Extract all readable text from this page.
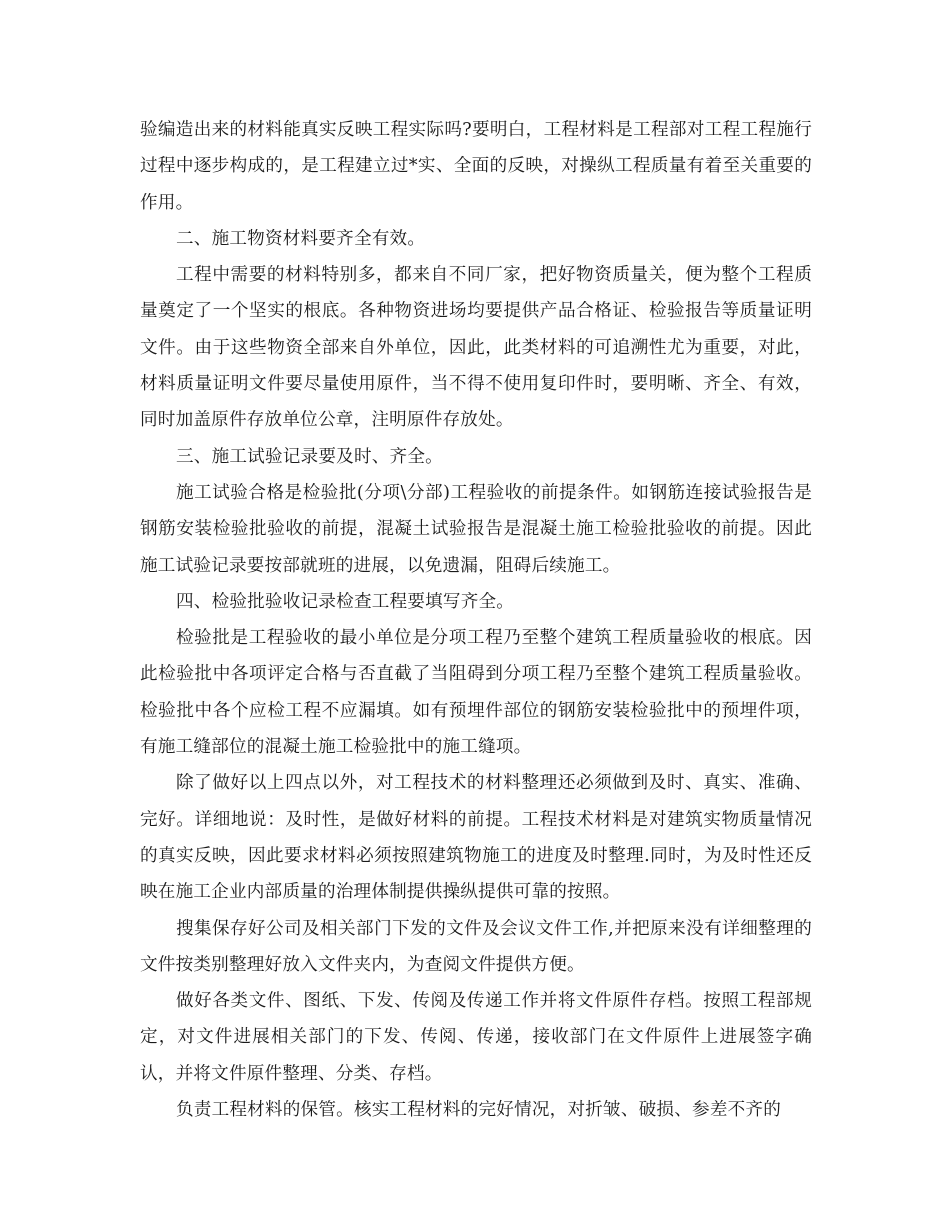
验编造出来的材料能真实反映工程实际吗?要明白，工程材料是工程部对工程工程施行过程中逐步构成的，是工程建立过*实、全面的反映，对操纵工程质量有着至关重要的作用。

二、施工物资材料要齐全有效。

工程中需要的材料特别多，都来自不同厂家，把好物资质量关，便为整个工程质量奠定了一个坚实的根底。各种物资进场均要提供产品合格证、检验报告等质量证明文件。由于这些物资全部来自外单位，因此，此类材料的可追溯性尤为重要，对此，材料质量证明文件要尽量使用原件，当不得不使用复印件时，要明晰、齐全、有效，同时加盖原件存放单位公章，注明原件存放处。

三、施工试验记录要及时、齐全。

施工试验合格是检验批(分项\分部)工程验收的前提条件。如钢筋连接试验报告是钢筋安装检验批验收的前提，混凝土试验报告是混凝土施工检验批验收的前提。因此施工试验记录要按部就班的进展，以免遗漏，阻碍后续施工。

四、检验批验收记录检查工程要填写齐全。

检验批是工程验收的最小单位是分项工程乃至整个建筑工程质量验收的根底。因此检验批中各项评定合格与否直截了当阻碍到分项工程乃至整个建筑工程质量验收。检验批中各个应检工程不应漏填。如有预埋件部位的钢筋安装检验批中的预埋件项，有施工缝部位的混凝土施工检验批中的施工缝项。

除了做好以上四点以外，对工程技术的材料整理还必须做到及时、真实、准确、完好。详细地说：及时性，是做好材料的前提。工程技术材料是对建筑实物质量情况的真实反映，因此要求材料必须按照建筑物施工的进度及时整理.同时，为及时性还反映在施工企业内部质量的治理体制提供操纵提供可靠的按照。

搜集保存好公司及相关部门下发的文件及会议文件工作,并把原来没有详细整理的文件按类别整理好放入文件夹内，为查阅文件提供方便。

做好各类文件、图纸、下发、传阅及传递工作并将文件原件存档。按照工程部规定，对文件进展相关部门的下发、传阅、传递，接收部门在文件原件上进展签字确认，并将文件原件整理、分类、存档。

负责工程材料的保管。核实工程材料的完好情况，对折皱、破损、参差不齐的
